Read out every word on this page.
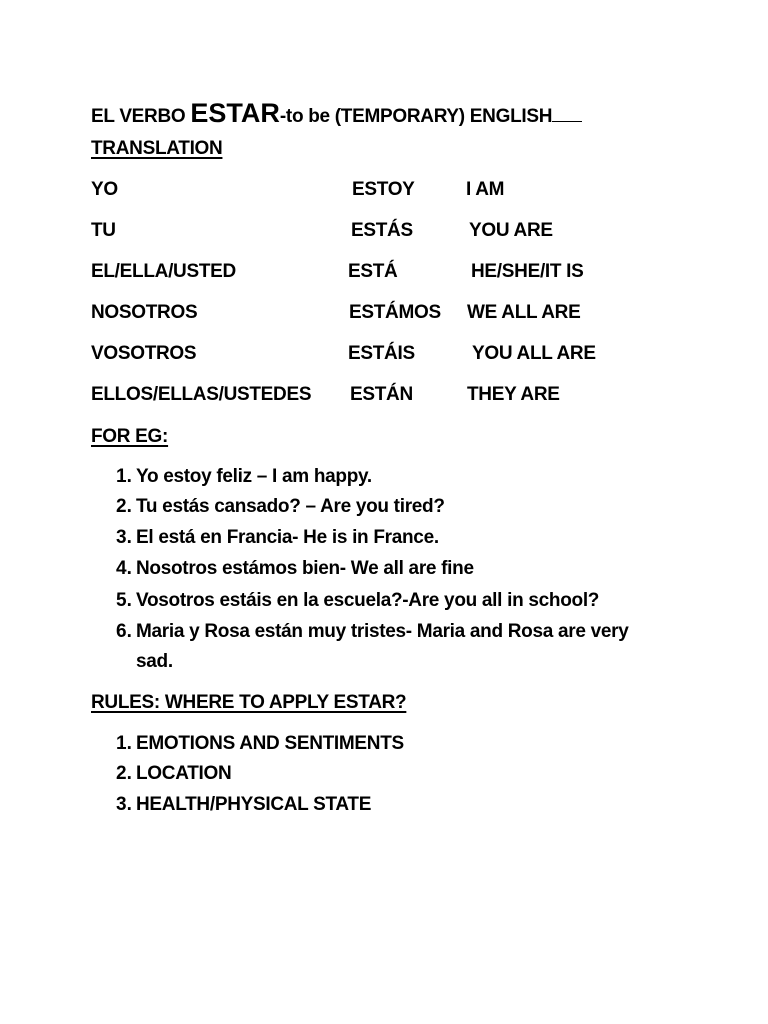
EL VERBO ESTAR-to be (TEMPORARY) ENGLISH
TRANSLATION
YO	ESTOY	I AM
TU	ESTÁS	YOU ARE
EL/ELLA/USTED	ESTÁ	HE/SHE/IT IS
NOSOTROS	ESTÁMOS WE ALL ARE
VOSOTROS	ESTÁIS	YOU ALL ARE
ELLOS/ELLAS/USTEDES ESTÁN	THEY ARE
FOR EG:
1. Yo estoy feliz – I am happy.
2. Tu estás cansado? – Are you tired?
3. El está en Francia- He is in France.
4. Nosotros estámos bien- We all are fine
5. Vosotros estáis en la escuela?-Are you all in school?
6. Maria y Rosa están muy tristes- Maria and Rosa are very
sad.
RULES: WHERE TO APPLY ESTAR?
1. EMOTIONS AND SENTIMENTS
2. LOCATION
3. HEALTH/PHYSICAL STATE
